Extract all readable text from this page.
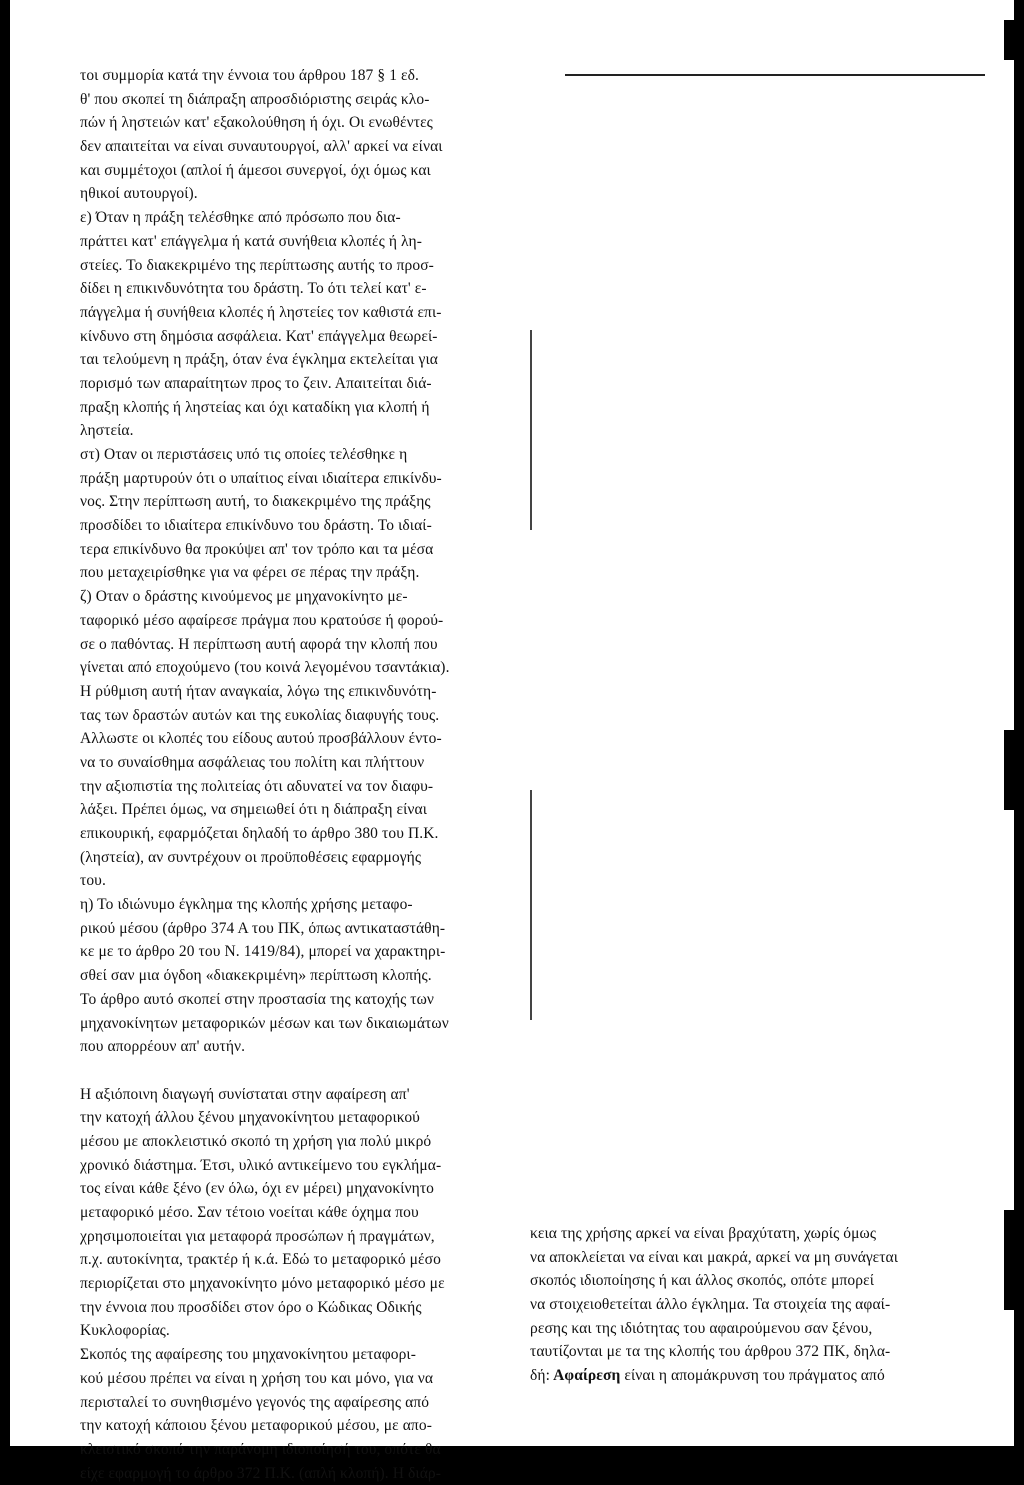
τοι συμμορία κατά την έννοια του άρθρου 187 § 1 εδ.
θ' που σκοπεί τη διάπραξη απροσδιόριστης σειράς κλο-
πών ή ληστειών κατ' εξακολούθηση ή όχι. Οι ενωθέντες
δεν απαιτείται να είναι συναυτουργοί, αλλ' αρκεί να είναι
και συμμέτοχοι (απλοί ή άμεσοι συνεργοί, όχι όμως και
ηθικοί αυτουργοί).
ε) Όταν η πράξη τελέσθηκε από πρόσωπο που δια-
πράττει κατ' επάγγελμα ή κατά συνήθεια κλοπές ή λη-
στείες. Το διακεκριμένο της περίπτωσης αυτής το προσ-
δίδει η επικινδυνότητα του δράστη. Το ότι τελεί κατ' ε-
πάγγελμα ή συνήθεια κλοπές ή ληστείες τον καθιστά επι-
κίνδυνο στη δημόσια ασφάλεια. Κατ' επάγγελμα θεωρεί-
ται τελούμενη η πράξη, όταν ένα έγκλημα εκτελείται για
πορισμό των απαραίτητων προς το ζειν. Απαιτείται διά-
πραξη κλοπής ή ληστείας και όχι καταδίκη για κλοπή ή
ληστεία.
στ) Οταν οι περιστάσεις υπό τις οποίες τελέσθηκε η
πράξη μαρτυρούν ότι ο υπαίτιος είναι ιδιαίτερα επικίνδυ-
νος. Στην περίπτωση αυτή, το διακεκριμένο της πράξης
προσδίδει το ιδιαίτερα επικίνδυνο του δράστη. Το ιδιαί-
τερα επικίνδυνο θα προκύψει απ' τον τρόπο και τα μέσα
που μεταχειρίσθηκε για να φέρει σε πέρας την πράξη.
ζ) Οταν ο δράστης κινούμενος με μηχανοκίνητο με-
ταφορικό μέσο αφαίρεσε πράγμα που κρατούσε ή φορού-
σε ο παθόντας. Η περίπτωση αυτή αφορά την κλοπή που
γίνεται από εποχούμενο (του κοινά λεγομένου τσαντάκια).
Η ρύθμιση αυτή ήταν αναγκαία, λόγω της επικινδυνότη-
τας των δραστών αυτών και της ευκολίας διαφυγής τους.
Αλλωστε οι κλοπές του είδους αυτού προσβάλλουν έντο-
να το συναίσθημα ασφάλειας του πολίτη και πλήττουν
την αξιοπιστία της πολιτείας ότι αδυνατεί να τον διαφυ-
λάξει. Πρέπει όμως, να σημειωθεί ότι η διάπραξη είναι
επικουρική, εφαρμόζεται δηλαδή το άρθρο 380 του Π.Κ.
(ληστεία), αν συντρέχουν οι προϋποθέσεις εφαρμογής
του.
η) Το ιδιώνυμο έγκλημα της κλοπής χρήσης μεταφο-
ρικού μέσου (άρθρο 374 Α του ΠΚ, όπως αντικαταστάθη-
κε με το άρθρο 20 του Ν. 1419/84), μπορεί να χαρακτηρι-
σθεί σαν μια όγδοη «διακεκριμένη» περίπτωση κλοπής.
Το άρθρο αυτό σκοπεί στην προστασία της κατοχής των
μηχανοκίνητων μεταφορικών μέσων και των δικαιωμάτων
που απορρέουν απ' αυτήν.
Η αξιόποινη διαγωγή συνίσταται στην αφαίρεση απ'
την κατοχή άλλου ξένου μηχανοκίνητου μεταφορικού
μέσου με αποκλειστικό σκοπό τη χρήση για πολύ μικρό
χρονικό διάστημα. Έτσι, υλικό αντικείμενο του εγκλήμα-
τος είναι κάθε ξένο (εν όλω, όχι εν μέρει) μηχανοκίνητο
μεταφορικό μέσο. Σαν τέτοιο νοείται κάθε όχημα που
χρησιμοποιείται για μεταφορά προσώπων ή πραγμάτων,
π.χ. αυτοκίνητα, τρακτέρ ή κ.ά. Εδώ το μεταφορικό μέσο
περιορίζεται στο μηχανοκίνητο μόνο μεταφορικό μέσο με
την έννοια που προσδίδει στον όρο ο Κώδικας Οδικής
Κυκλοφορίας.
Σκοπός της αφαίρεσης του μηχανοκίνητου μεταφορι-
κού μέσου πρέπει να είναι η χρήση του και μόνο, για να
περισταλεί το συνηθισμένο γεγονός της αφαίρεσης από
την κατοχή κάποιου ξένου μεταφορικού μέσου, με απο-
κλειστικό σκοπό την παράνομη ιδιοποίησή του, οπότε θα
είχε εφαρμογή το άρθρο 372 Π.Κ. (απλή κλοπή). Η διάρ-
κεια της χρήσης αρκεί να είναι βραχύτατη, χωρίς όμως
να αποκλείεται να είναι και μακρά, αρκεί να μη συνάγεται
σκοπός ιδιοποίησης ή και άλλος σκοπός, οπότε μπορεί
να στοιχειοθετείται άλλο έγκλημα. Τα στοιχεία της αφαί-
ρεσης και της ιδιότητας του αφαιρούμενου σαν ξένου,
ταυτίζονται με τα της κλοπής του άρθρου 372 ΠΚ, δηλα-
δή: Αφαίρεση είναι η απομάκρυνση του πράγματος από
934
